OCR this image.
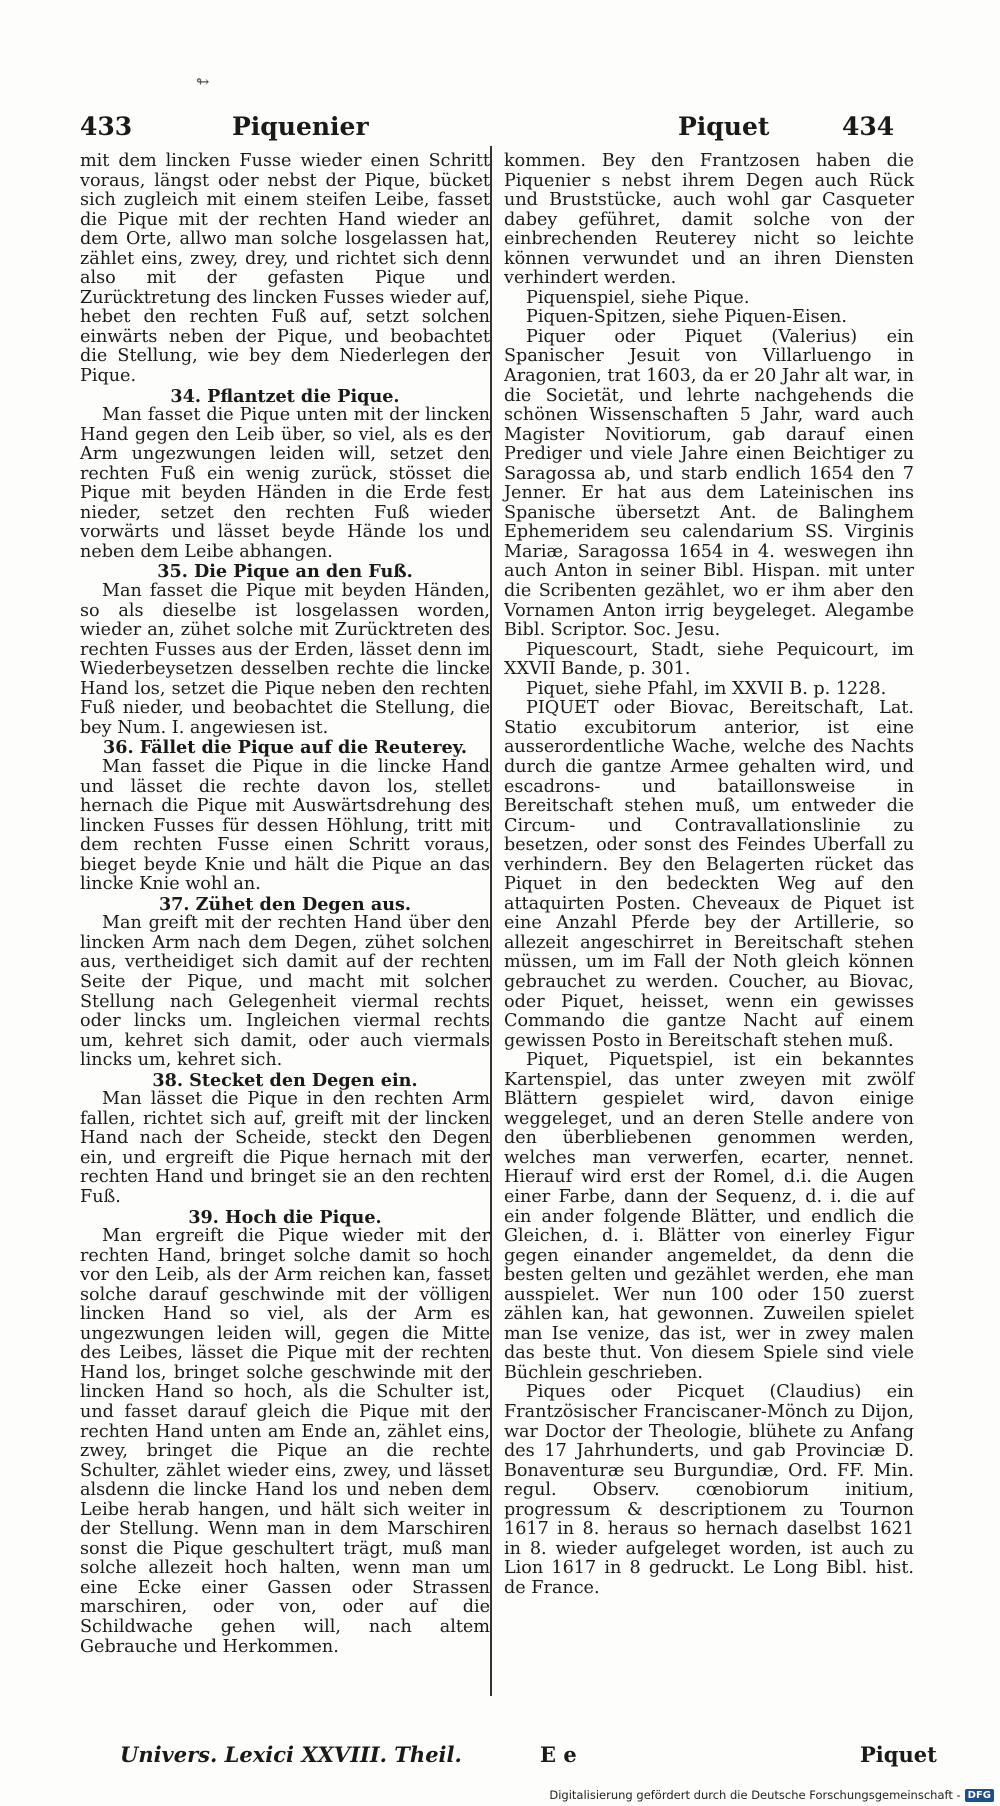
↬
433	Piquenier	Piquet	434

mit dem lincken Fusse wieder einen Schritt voraus, längst oder nebst der Pique, bücket sich zugleich mit einem steifen Leibe, fasset die Pique mit der rechten Hand wieder an dem Orte, allwo man solche losgelassen hat, zählet eins, zwey, drey, und richtet sich denn also mit der gefasten Pique und Zurücktretung des lincken Fusses wieder auf, hebet den rechten Fuß auf, setzt solchen einwärts neben der Pique, und beobachtet die Stellung, wie bey dem Niederlegen der Pique.

34. Pflantzet die Pique.

Man fasset die Pique unten mit der lincken Hand gegen den Leib über, so viel, als es der Arm ungezwungen leiden will, setzet den rechten Fuß ein wenig zurück, stösset die Pique mit beyden Händen in die Erde fest nieder, setzet den rechten Fuß wieder vorwärts und lässet beyde Hände los und neben dem Leibe abhangen.

35. Die Pique an den Fuß.

Man fasset die Pique mit beyden Händen, so als dieselbe ist losgelassen worden, wieder an, zühet solche mit Zurücktreten des rechten Fusses aus der Erden, lässet denn im Wiederbeysetzen desselben rechte die lincke Hand los, setzet die Pique neben den rechten Fuß nieder, und beobachtet die Stellung, die bey Num. I. angewiesen ist.

36. Fället die Pique auf die Reuterey.

Man fasset die Pique in die lincke Hand und lässet die rechte davon los, stellet hernach die Pique mit Auswärtsdrehung des lincken Fusses für dessen Höhlung, tritt mit dem rechten Fusse einen Schritt voraus, bieget beyde Knie und hält die Pique an das lincke Knie wohl an.

37. Zühet den Degen aus.

Man greift mit der rechten Hand über den lincken Arm nach dem Degen, zühet solchen aus, vertheidiget sich damit auf der rechten Seite der Pique, und macht mit solcher Stellung nach Gelegenheit viermal rechts oder lincks um. Ingleichen viermal rechts um, kehret sich damit, oder auch viermals lincks um, kehret sich.

38. Stecket den Degen ein.

Man lässet die Pique in den rechten Arm fallen, richtet sich auf, greift mit der lincken Hand nach der Scheide, steckt den Degen ein, und ergreift die Pique hernach mit der rechten Hand und bringet sie an den rechten Fuß.

39. Hoch die Pique.

Man ergreift die Pique wieder mit der rechten Hand, bringet solche damit so hoch vor den Leib, als der Arm reichen kan, fasset solche darauf geschwinde mit der völligen lincken Hand so viel, als der Arm es ungezwungen leiden will, gegen die Mitte des Leibes, lässet die Pique mit der rechten Hand los, bringet solche geschwinde mit der lincken Hand so hoch, als die Schulter ist, und fasset darauf gleich die Pique mit der rechten Hand unten am Ende an, zählet eins, zwey, bringet die Pique an die rechte Schulter, zählet wieder eins, zwey, und lässet alsdenn die lincke Hand los und neben dem Leibe herab hangen, und hält sich weiter in der Stellung. Wenn man in dem Marschiren sonst die Pique geschultert trägt, muß man solche allezeit hoch halten, wenn man um eine Ecke einer Gassen oder Strassen marschiren, oder von, oder auf die Schildwache gehen will, nach altem Gebrauche und Herkommen.

kommen. Bey den Frantzosen haben die Piquenier s nebst ihrem Degen auch Rück und Bruststücke, auch wohl gar Casqueter dabey geführet, damit solche von der einbrechenden Reuterey nicht so leichte können verwundet und an ihren Diensten verhindert werden.

Piquenspiel, siehe Pique.

Piquen-Spitzen, siehe Piquen-Eisen.

Piquer oder Piquet (Valerius) ein Spanischer Jesuit von Villarluengo in Aragonien, trat 1603, da er 20 Jahr alt war, in die Societät, und lehrte nachgehends die schönen Wissenschaften 5 Jahr, ward auch Magister Novitiorum, gab darauf einen Prediger und viele Jahre einen Beichtiger zu Saragossa ab, und starb endlich 1654 den 7 Jenner. Er hat aus dem Lateinischen ins Spanische übersetzt Ant. de Balinghem Ephemeridem seu calendarium SS. Virginis Mariæ, Saragossa 1654 in 4. weswegen ihn auch Anton in seiner Bibl. Hispan. mit unter die Scribenten gezählet, wo er ihm aber den Vornamen Anton irrig beygeleget. Alegambe Bibl. Scriptor. Soc. Jesu.

Piquescourt, Stadt, siehe Pequicourt, im XXVII Bande, p. 301.

Piquet, siehe Pfahl, im XXVII B. p. 1228.

PIQUET oder Biovac, Bereitschaft, Lat. Statio excubitorum anterior, ist eine ausserordentliche Wache, welche des Nachts durch die gantze Armee gehalten wird, und escadrons- und bataillonsweise in Bereitschaft stehen muß, um entweder die Circum- und Contravallationslinie zu besetzen, oder sonst des Feindes Uberfall zu verhindern. Bey den Belagerten rücket das Piquet in den bedeckten Weg auf den attaquirten Posten. Cheveaux de Piquet ist eine Anzahl Pferde bey der Artillerie, so allezeit angeschirret in Bereitschaft stehen müssen, um im Fall der Noth gleich können gebrauchet zu werden. Coucher, au Biovac, oder Piquet, heisset, wenn ein gewisses Commando die gantze Nacht auf einem gewissen Posto in Bereitschaft stehen muß.

Piquet, Piquetspiel, ist ein bekanntes Kartenspiel, das unter zweyen mit zwölf Blättern gespielet wird, davon einige weggeleget, und an deren Stelle andere von den überbliebenen genommen werden, welches man verwerfen, ecarter, nennet. Hierauf wird erst der Romel, d.i. die Augen einer Farbe, dann der Sequenz, d. i. die auf ein ander folgende Blätter, und endlich die Gleichen, d. i. Blätter von einerley Figur gegen einander angemeldet, da denn die besten gelten und gezählet werden, ehe man ausspielet. Wer nun 100 oder 150 zuerst zählen kan, hat gewonnen. Zuweilen spielet man Ise venize, das ist, wer in zwey malen das beste thut. Von diesem Spiele sind viele Büchlein geschrieben.

Piques oder Picquet (Claudius) ein Frantzösischer Franciscaner-Mönch zu Dijon, war Doctor der Theologie, blühete zu Anfang des 17 Jahrhunderts, und gab Provinciæ D. Bonaventuræ seu Burgundiæ, Ord. FF. Min. regul. Observ. cœnobiorum initium, progressum & descriptionem zu Tournon 1617 in 8. heraus so hernach daselbst 1621 in 8. wieder aufgeleget worden, ist auch zu Lion 1617 in 8 gedruckt. Le Long Bibl. hist. de France.

Univers. Lexici XXVIII. Theil.	E e	Piquet
Digitalisierung gefördert durch die Deutsche Forschungsgemeinschaft - DFG
